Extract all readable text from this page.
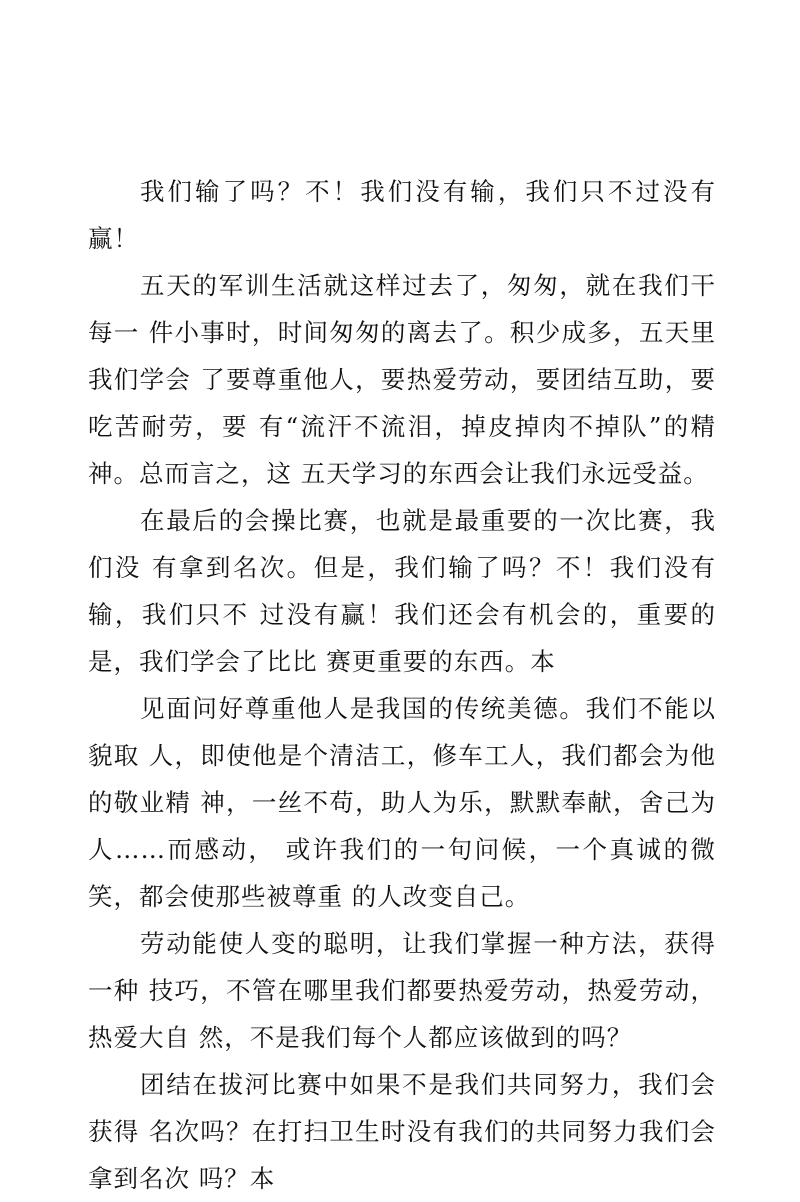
我们输了吗？不！我们没有输，我们只不过没有赢！

五天的军训生活就这样过去了，匆匆，就在我们干每一 件小事时，时间匆匆的离去了。积少成多，五天里我们学会 了要尊重他人，要热爱劳动，要团结互助，要吃苦耐劳，要 有“流汗不流泪，掉皮掉肉不掉队”的精神。总而言之，这 五天学习的东西会让我们永远受益。

在最后的会操比赛，也就是最重要的一次比赛，我们没 有拿到名次。但是，我们输了吗？不！我们没有输，我们只不 过没有赢！我们还会有机会的，重要的是，我们学会了比比 赛更重要的东西。本

见面问好尊重他人是我国的传统美德。我们不能以貌取 人，即使他是个清洁工，修车工人，我们都会为他的敬业精 神，一丝不苟，助人为乐，默默奉献，舍己为人……而感动， 或许我们的一句问候，一个真诚的微笑，都会使那些被尊重 的人改变自己。

劳动能使人变的聪明，让我们掌握一种方法，获得一种 技巧，不管在哪里我们都要热爱劳动，热爱劳动，热爱大自 然，不是我们每个人都应该做到的吗？

团结在拔河比赛中如果不是我们共同努力，我们会获得 名次吗？在打扫卫生时没有我们的共同努力我们会拿到名次 吗？本
